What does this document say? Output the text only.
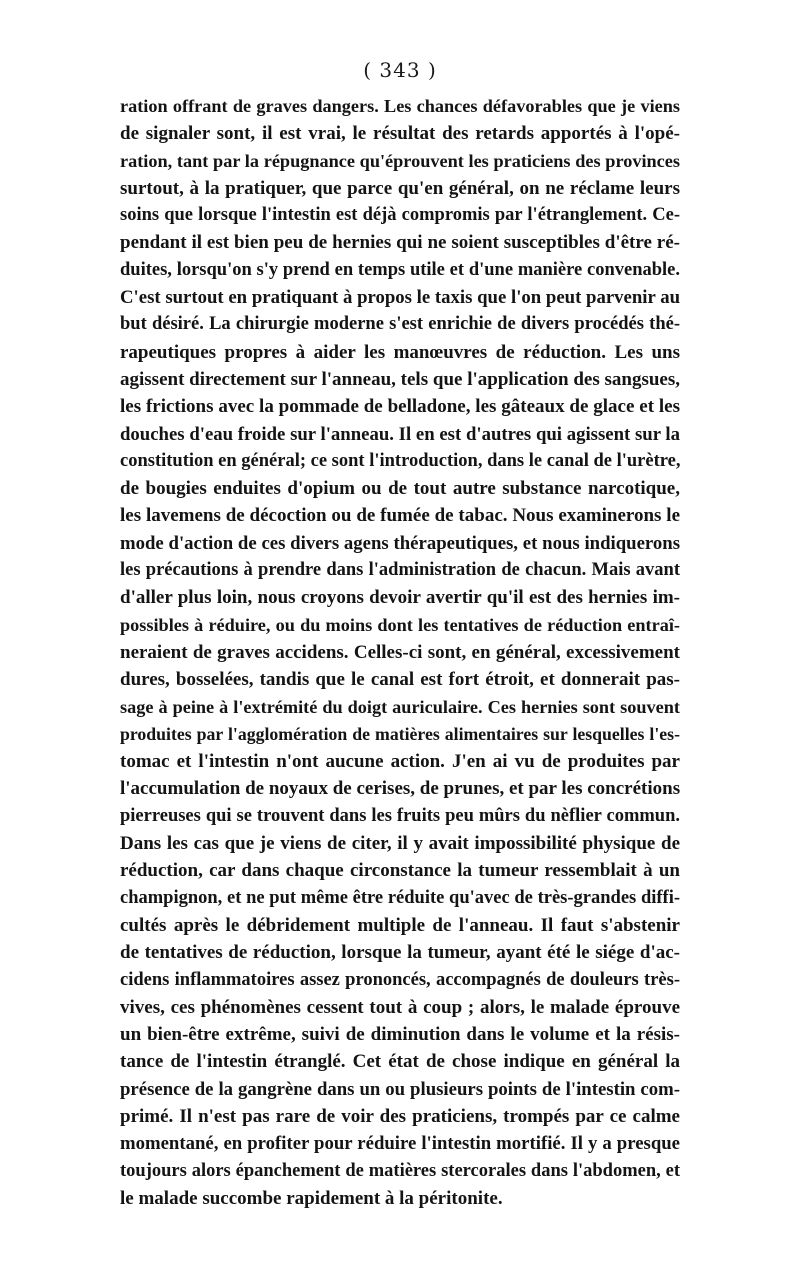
( 343 )
ration offrant de graves dangers. Les chances défavorables que je viens
de signaler sont, il est vrai, le résultat des retards apportés à l'opé-
ration, tant par la répugnance qu'éprouvent les praticiens des provinces
surtout, à la pratiquer, que parce qu'en général, on ne réclame leurs
soins que lorsque l'intestin est déjà compromis par l'étranglement. Ce-
pendant il est bien peu de hernies qui ne soient susceptibles d'être ré-
duites, lorsqu'on s'y prend en temps utile et d'une manière convenable.
C'est surtout en pratiquant à propos le taxis que l'on peut parvenir au
but désiré. La chirurgie moderne s'est enrichie de divers procédés thé-
rapeutiques propres à aider les manœuvres de réduction. Les uns
agissent directement sur l'anneau, tels que l'application des sangsues,
les frictions avec la pommade de belladone, les gâteaux de glace et les
douches d'eau froide sur l'anneau. Il en est d'autres qui agissent sur la
constitution en général; ce sont l'introduction, dans le canal de l'urètre,
de bougies enduites d'opium ou de tout autre substance narcotique,
les lavemens de décoction ou de fumée de tabac. Nous examinerons le
mode d'action de ces divers agens thérapeutiques, et nous indiquerons
les précautions à prendre dans l'administration de chacun. Mais avant
d'aller plus loin, nous croyons devoir avertir qu'il est des hernies im-
possibles à réduire, ou du moins dont les tentatives de réduction entraî-
neraient de graves accidens. Celles-ci sont, en général, excessivement
dures, bosselées, tandis que le canal est fort étroit, et donnerait pas-
sage à peine à l'extrémité du doigt auriculaire. Ces hernies sont souvent
produites par l'agglomération de matières alimentaires sur lesquelles l'es-
tomac et l'intestin n'ont aucune action. J'en ai vu de produites par
l'accumulation de noyaux de cerises, de prunes, et par les concrétions
pierreuses qui se trouvent dans les fruits peu mûrs du nèflier commun.
Dans les cas que je viens de citer, il y avait impossibilité physique de
réduction, car dans chaque circonstance la tumeur ressemblait à un
champignon, et ne put même être réduite qu'avec de très-grandes diffi-
cultés après le débridement multiple de l'anneau. Il faut s'abstenir
de tentatives de réduction, lorsque la tumeur, ayant été le siége d'ac-
cidens inflammatoires assez prononcés, accompagnés de douleurs très-
vives, ces phénomènes cessent tout à coup ; alors, le malade éprouve
un bien-être extrême, suivi de diminution dans le volume et la résis-
tance de l'intestin étranglé. Cet état de chose indique en général la
présence de la gangrène dans un ou plusieurs points de l'intestin com-
primé. Il n'est pas rare de voir des praticiens, trompés par ce calme
momentané, en profiter pour réduire l'intestin mortifié. Il y a presque
toujours alors épanchement de matières stercorales dans l'abdomen, et
le malade succombe rapidement à la péritonite.
